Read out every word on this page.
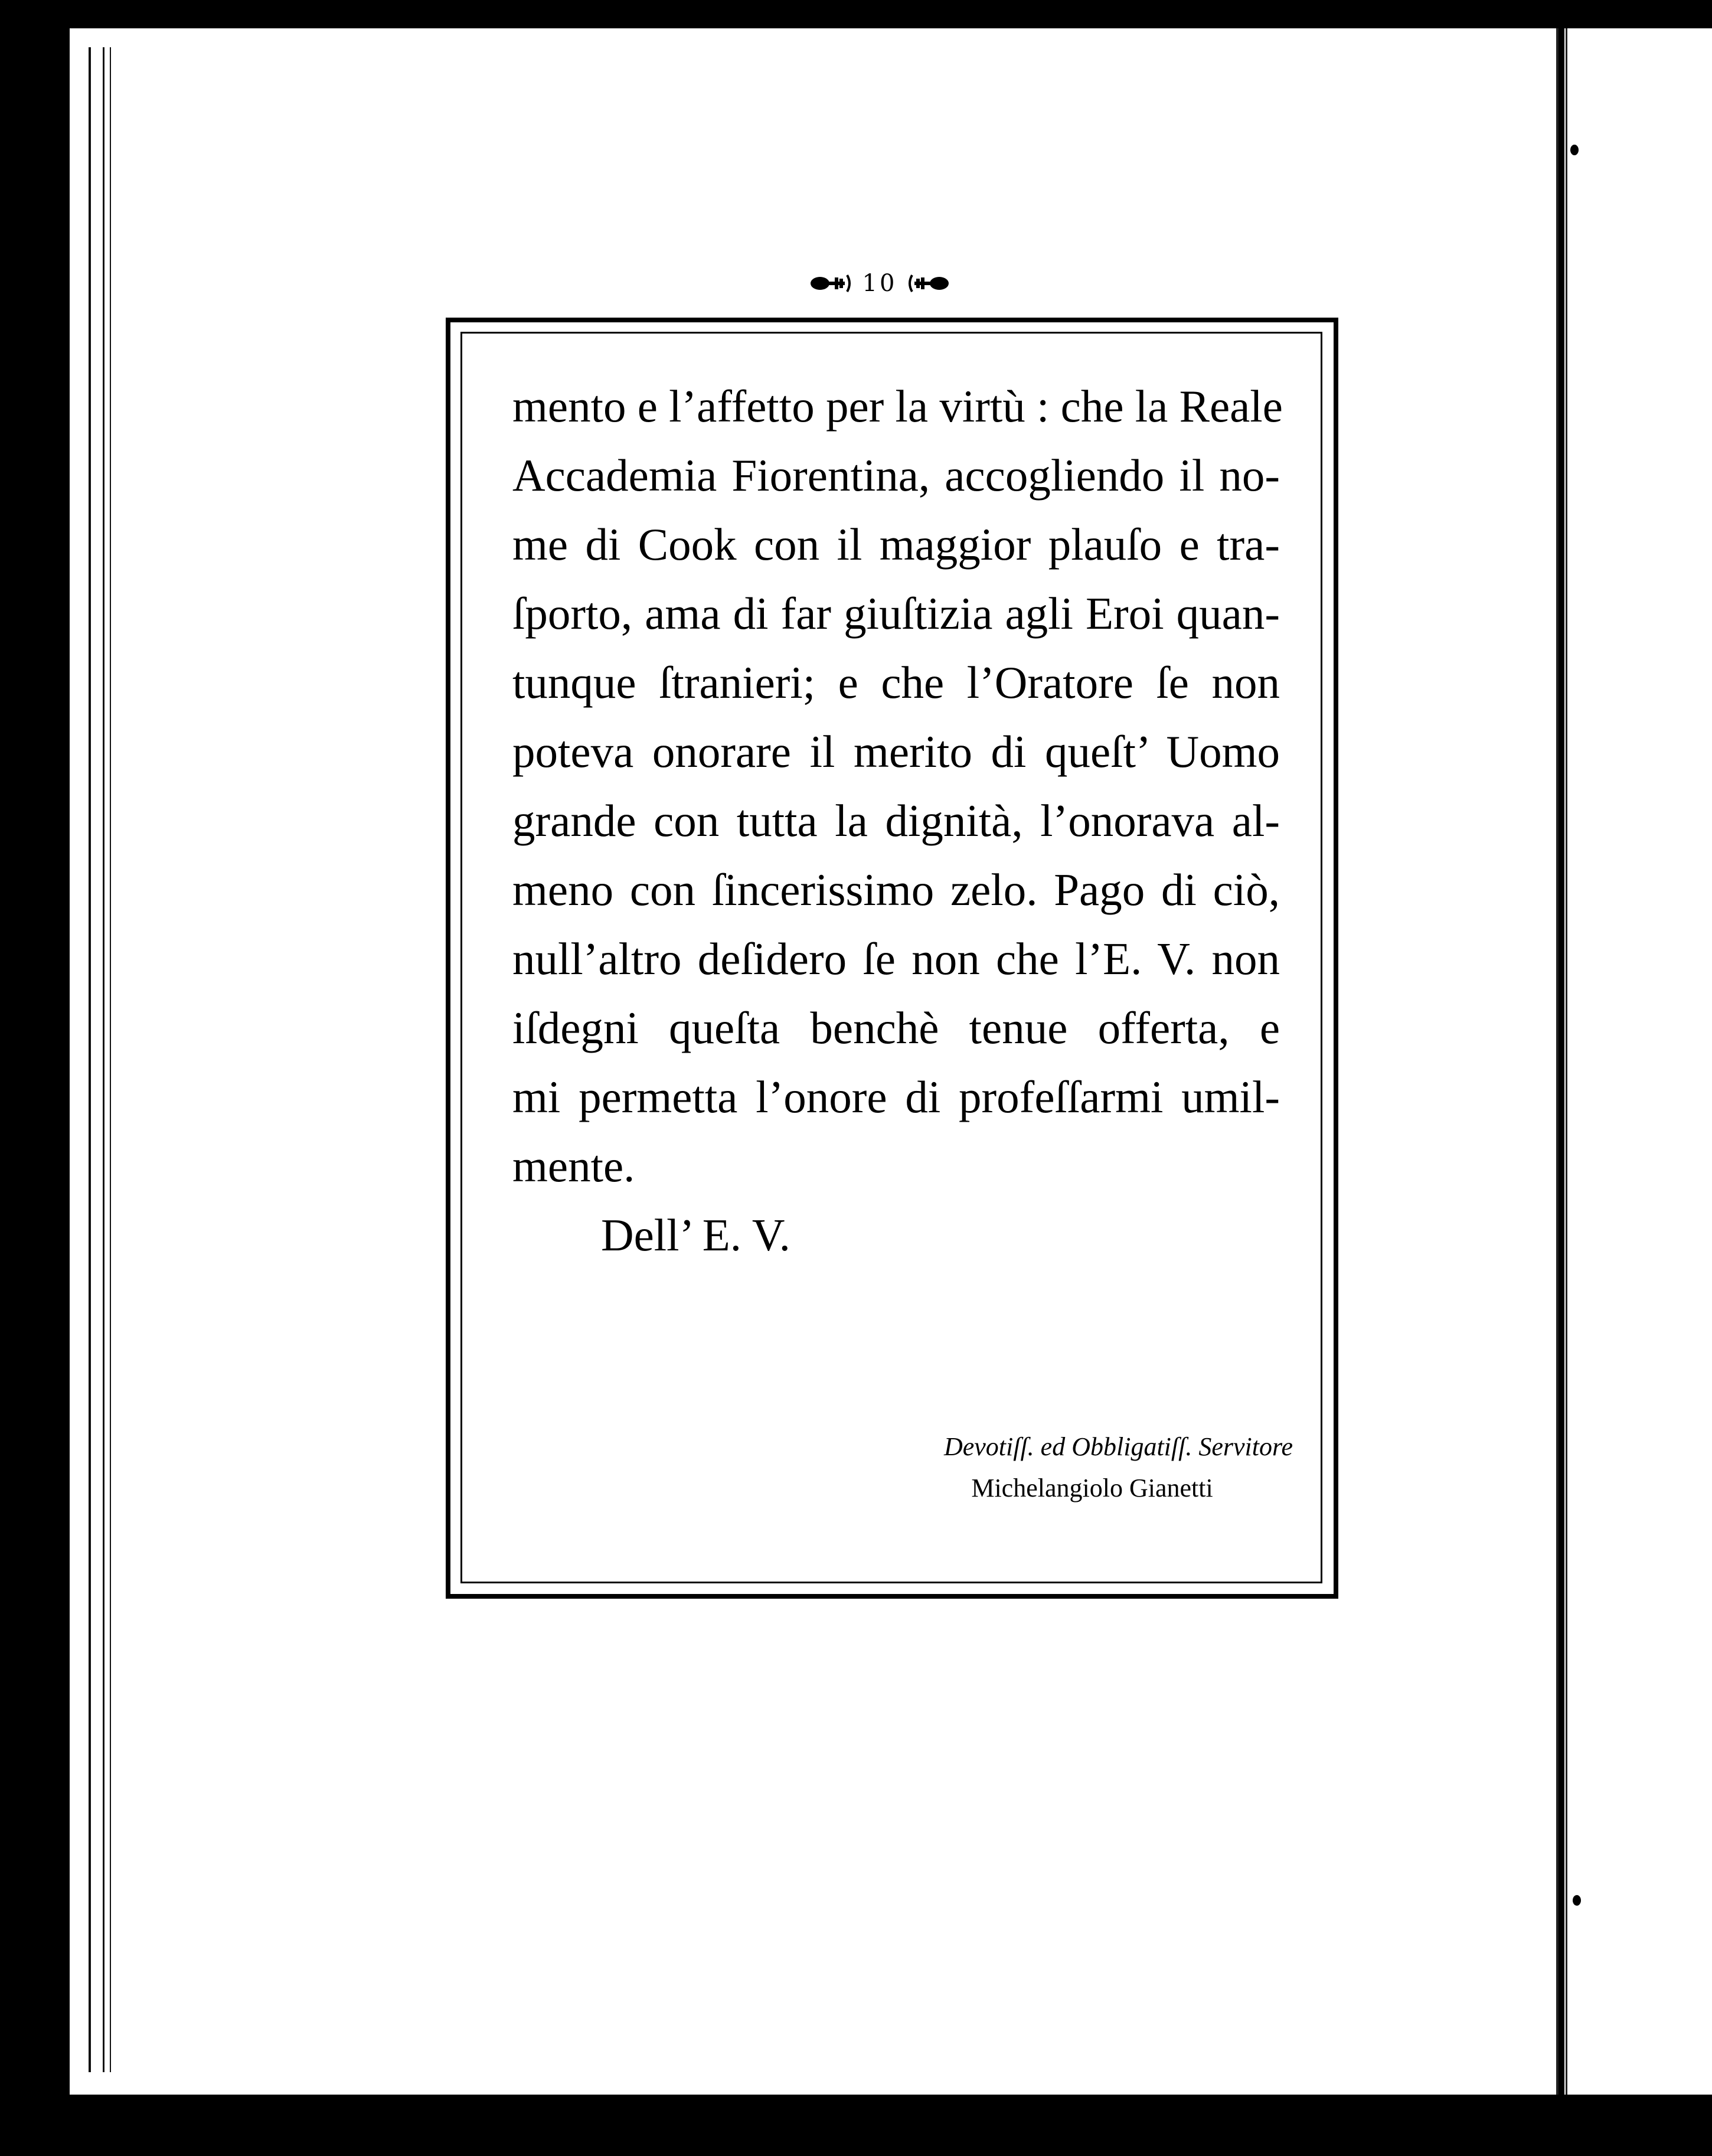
10
mento e l’affetto per la virtù : che la Reale
Accademia Fiorentina, accogliendo il no-
me di Cook con il maggior plauſo e tra-
ſporto, ama di far giuſtizia agli Eroi quan-
tunque ſtranieri; e che l’Oratore ſe non
poteva onorare il merito di queſt’ Uomo
grande con tutta la dignità, l’onorava al-
meno con ſincerissimo zelo. Pago di ciò,
null’altro deſidero ſe non che l’E. V. non
iſdegni queſta benchè tenue offerta, e
mi permetta l’onore di profeſſarmi umil-
mente.
Dell’ E. V.
Devotiſſ. ed Obbligatiſſ. Servitore
Michelangiolo Gianetti
